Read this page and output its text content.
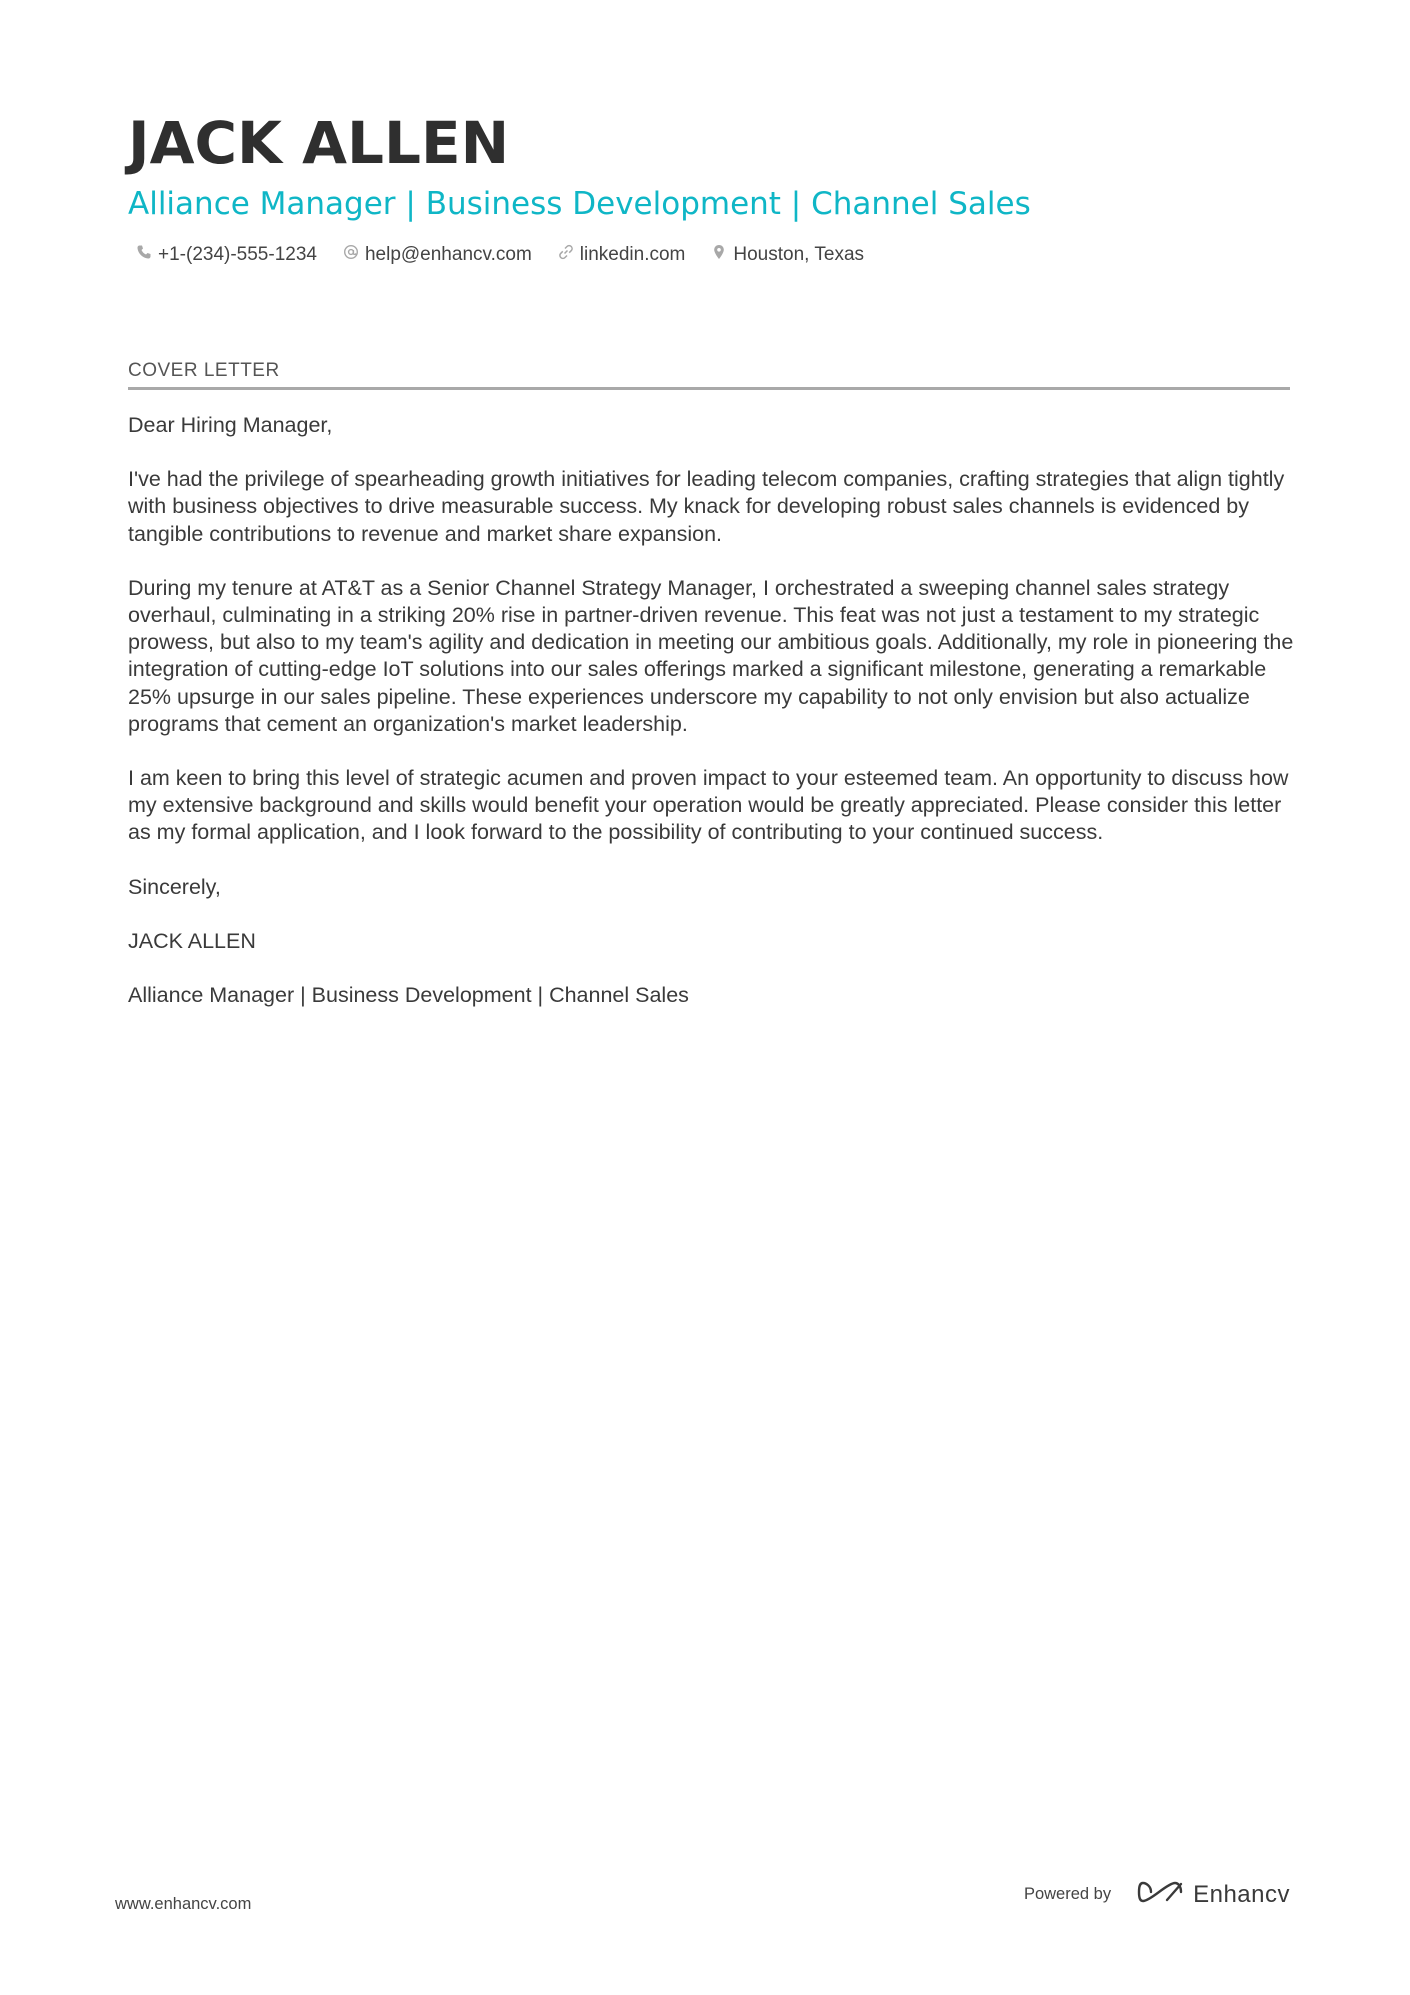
JACK ALLEN
Alliance Manager | Business Development | Channel Sales
+1-(234)-555-1234	help@enhancv.com	linkedin.com	Houston, Texas
COVER LETTER

Dear Hiring Manager,

I've had the privilege of spearheading growth initiatives for leading telecom companies, crafting strategies that align tightly with business objectives to drive measurable success. My knack for developing robust sales channels is evidenced by tangible contributions to revenue and market share expansion.

During my tenure at AT&T as a Senior Channel Strategy Manager, I orchestrated a sweeping channel sales strategy overhaul, culminating in a striking 20% rise in partner-driven revenue. This feat was not just a testament to my strategic prowess, but also to my team's agility and dedication in meeting our ambitious goals. Additionally, my role in pioneering the integration of cutting-edge IoT solutions into our sales offerings marked a significant milestone, generating a remarkable 25% upsurge in our sales pipeline. These experiences underscore my capability to not only envision but also actualize programs that cement an organization's market leadership.

I am keen to bring this level of strategic acumen and proven impact to your esteemed team. An opportunity to discuss how my extensive background and skills would benefit your operation would be greatly appreciated. Please consider this letter as my formal application, and I look forward to the possibility of contributing to your continued success.

Sincerely,

JACK ALLEN

Alliance Manager | Business Development | Channel Sales

www.enhancv.com
Powered by	Enhancv
